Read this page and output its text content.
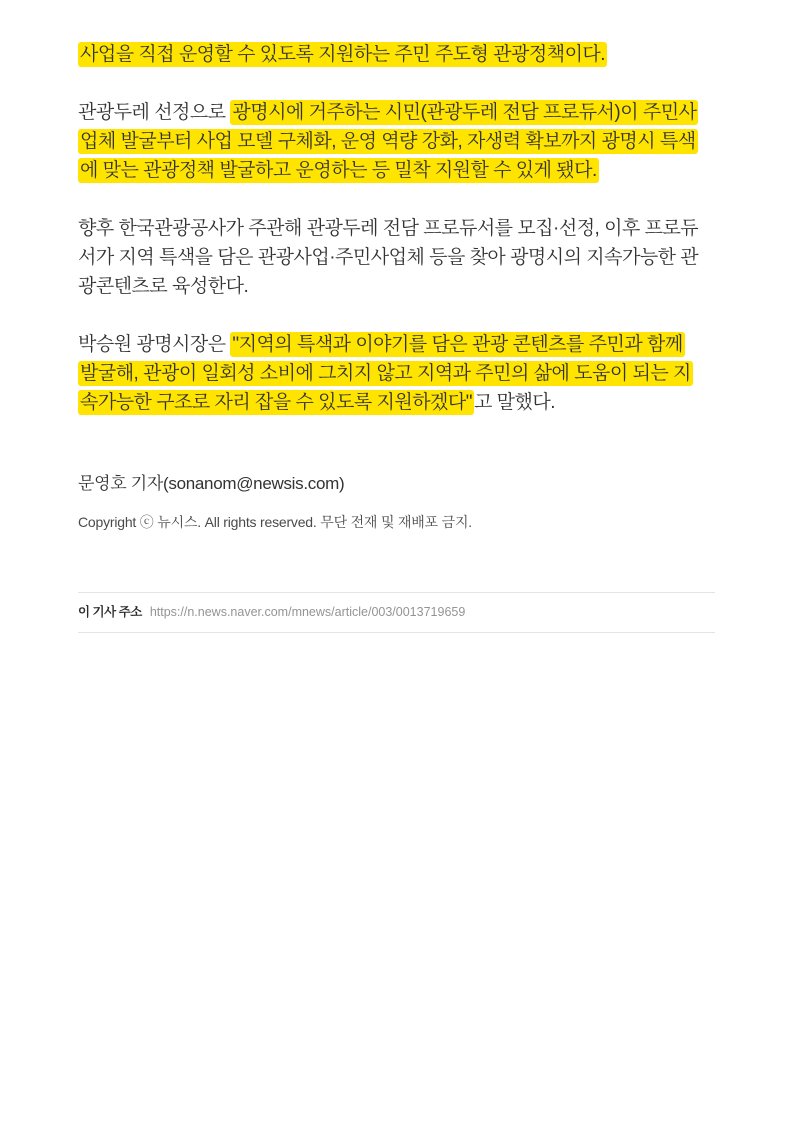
사업을 직접 운영할 수 있도록 지원하는 주민 주도형 관광정책이다.
관광두레 선정으로 광명시에 거주하는 시민(관광두레 전담 프로듀서)이 주민사
업체 발굴부터 사업 모델 구체화, 운영 역량 강화, 자생력 확보까지 광명시 특색
에 맞는 관광정책 발굴하고 운영하는 등 밀착 지원할 수 있게 됐다.
향후 한국관광공사가 주관해 관광두레 전담 프로듀서를 모집·선정, 이후 프로듀
서가 지역 특색을 담은 관광사업·주민사업체 등을 찾아 광명시의 지속가능한 관
광콘텐츠로 육성한다.
박승원 광명시장은 "지역의 특색과 이야기를 담은 관광 콘텐츠를 주민과 함께
발굴해, 관광이 일회성 소비에 그치지 않고 지역과 주민의 삶에 도움이 되는 지
속가능한 구조로 자리 잡을 수 있도록 지원하겠다" 고 말했다.
문영호 기자(sonanom@newsis.com)
Copyright ⓒ 뉴시스. All rights reserved. 무단 전재 및 재배포 금지.
이 기사 주소 https://n.news.naver.com/mnews/article/003/0013719659
